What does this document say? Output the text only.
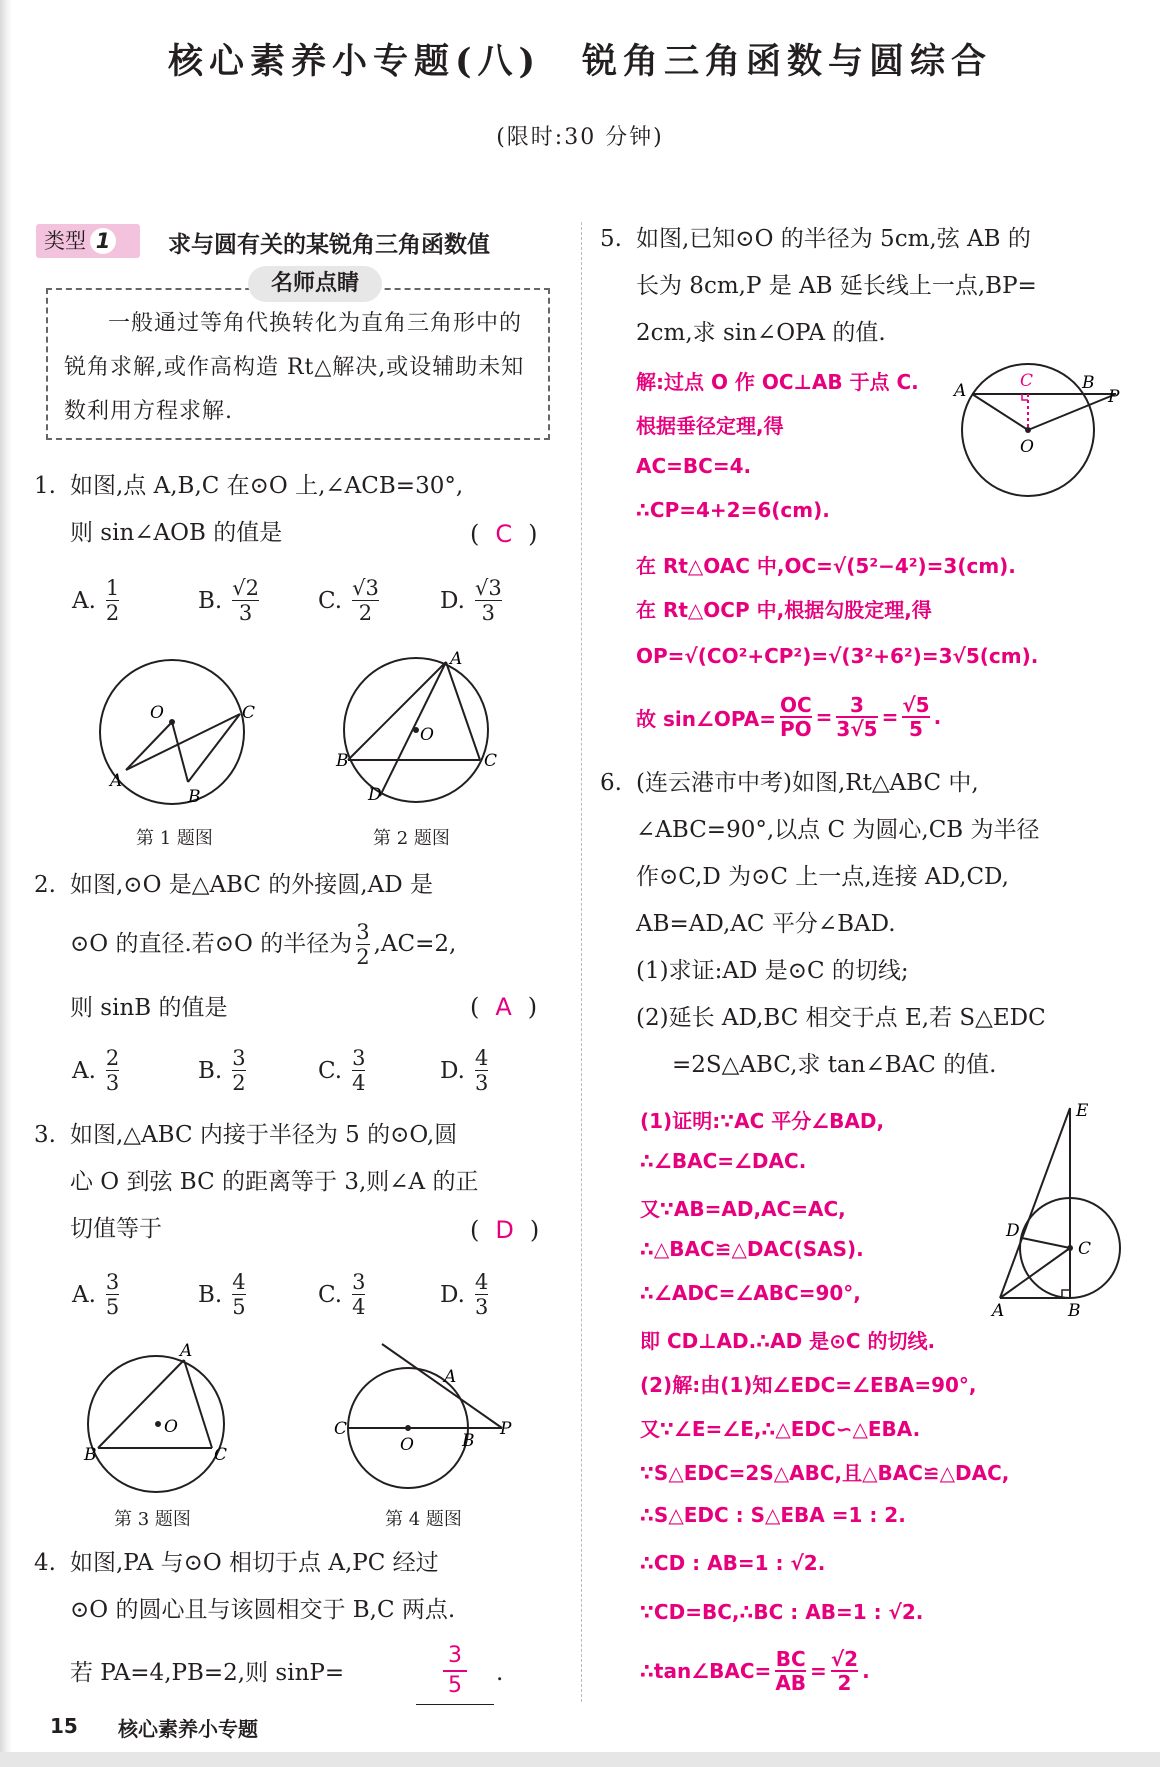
核心素养小专题(八)　锐角三角函数与圆综合
(限时:30 分钟)
类型 1	求与圆有关的某锐角三角函数值
名师点睛
一般通过等角代换转化为直角三角形中的锐角求解,或作高构造 Rt△解决,或设辅助未知数利用方程求解.
1. 如图,点 A,B,C 在⊙O 上,∠ACB=30°,
则 sin∠AOB 的值是	( C )
A. $\frac{1}{2}$	B. $\frac{√2}{3}$	C. $\frac{√3}{2}$	D. $\frac{√3}{3}$
O	C
A
B
第 1 题图
A
O
B	C
D
第 2 题图
2. 如图,⊙O 是△ABC 的外接圆,AD 是
⊙O 的直径.若⊙O 的半径为 $\frac{3}{2} ,AC=2$,
则 sinB 的值是	( A )
A. $\frac{2}{3}$	B. $\frac{3}{2}$	C. $\frac{3}{4}$	D. $\frac{4}{3}$
3. 如图,△ABC 内接于半径为 5 的⊙O,圆
心 O 到弦 BC 的距离等于 3,则∠A 的正
切值等于	( D )
A. $\frac{3}{5}$	B. $\frac{4}{5}$	C. $\frac{3}{4}$	D. $\frac{4}{3}$
A
O
B	C
第 3 题图
A
C
O	B
P
第 4 题图
4. 如图,PA 与⊙O 相切于点 A,PC 经过
⊙O 的圆心且与该圆相交于 B,C 两点.
若 PA=4,PB=2,则 sinP=
3
5	.
5. 如图,已知⊙O 的半径为 5cm,弦 AB 的
长为 8cm,P 是 AB 延长线上一点,BP=
2cm,求 sin∠OPA 的值.
解:过点 O 作 OC⊥AB 于点 C.
根据垂径定理,得
AC=BC=4.
∴CP=4+2=6(cm).
在 Rt△OAC 中,OC=√(5²−4²)=3(cm).
在 Rt△OCP 中,根据勾股定理,得
OP=√(CO²+CP²)=√(3²+6²)=3√5(cm).
故 sin∠OPA=
OC
PO = 3
3√5 = √5
5 .
A	C	B
P
O
6. (连云港市中考)如图,Rt△ABC 中,
∠ABC=90°,以点 C 为圆心,CB 为半径
作⊙C,D 为⊙C 上一点,连接 AD,CD,
AB=AD,AC 平分∠BAD.
(1)求证:AD 是⊙C 的切线;
(2)延长 AD,BC 相交于点 E,若 S△EDC
=2S△ABC,求 tan∠BAC 的值.
(1)证明:∵AC 平分∠BAD,
∴∠BAC=∠DAC.
又∵AB=AD,AC=AC,
∴△BAC≌△DAC(SAS).
∴∠ADC=∠ABC=90°,
即 CD⊥AD.∴AD 是⊙C 的切线.
(2)解:由(1)知∠EDC=∠EBA=90°,
又∵∠E=∠E,∴△EDC∽△EBA.
∵S△EDC=2S△ABC,且△BAC≌△DAC,
∴S△EDC : S△EBA =1 : 2.
∴CD : AB=1 : √2.
∵CD=BC,∴BC : AB=1 : √2.
∴tan∠BAC= BC
AB = √2
2 .
E
D
C
A	B
15 核心素养小专题
